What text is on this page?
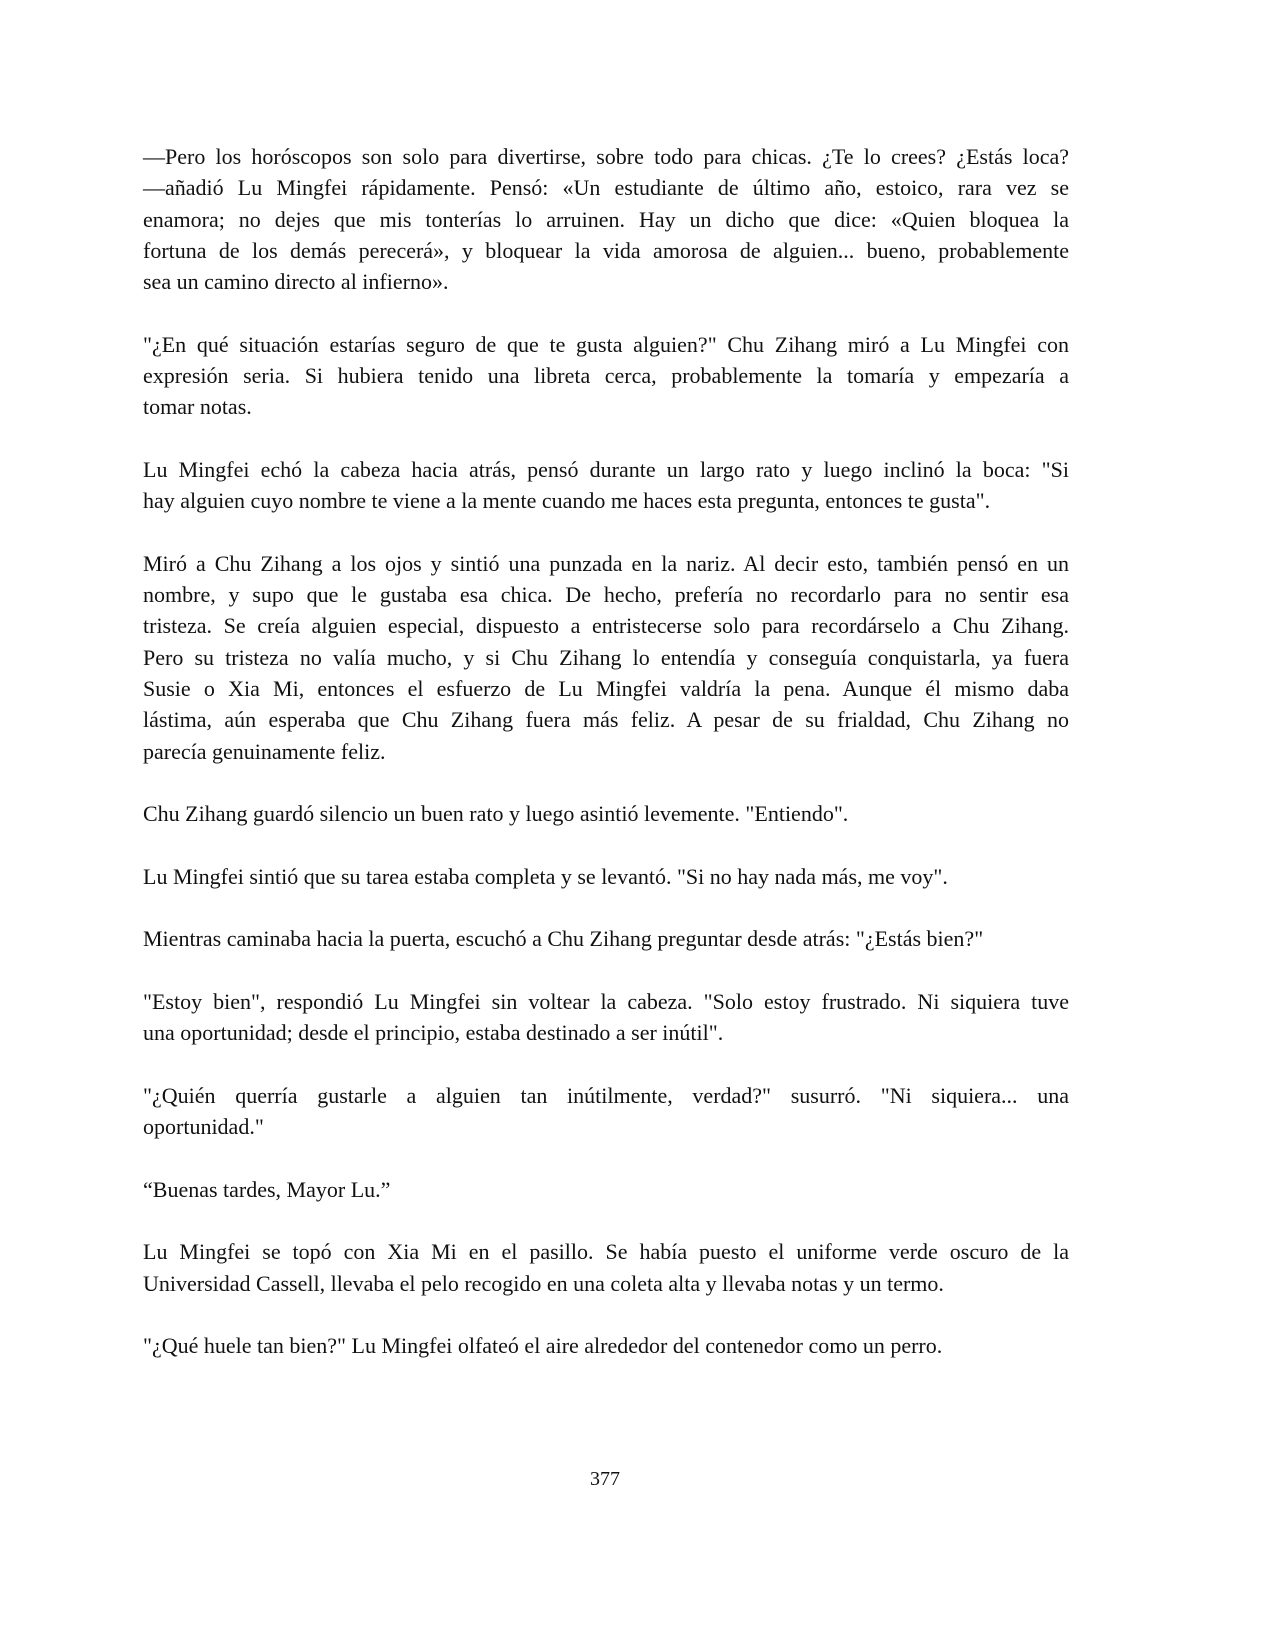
—Pero los horóscopos son solo para divertirse, sobre todo para chicas. ¿Te lo crees? ¿Estás loca?
—añadió Lu Mingfei rápidamente. Pensó: «Un estudiante de último año, estoico, rara vez se
enamora; no dejes que mis tonterías lo arruinen. Hay un dicho que dice: «Quien bloquea la
fortuna de los demás perecerá», y bloquear la vida amorosa de alguien... bueno, probablemente
sea un camino directo al infierno».
"¿En qué situación estarías seguro de que te gusta alguien?" Chu Zihang miró a Lu Mingfei con
expresión seria. Si hubiera tenido una libreta cerca, probablemente la tomaría y empezaría a
tomar notas.
Lu Mingfei echó la cabeza hacia atrás, pensó durante un largo rato y luego inclinó la boca: "Si
hay alguien cuyo nombre te viene a la mente cuando me haces esta pregunta, entonces te gusta".
Miró a Chu Zihang a los ojos y sintió una punzada en la nariz. Al decir esto, también pensó en un
nombre, y supo que le gustaba esa chica. De hecho, prefería no recordarlo para no sentir esa
tristeza. Se creía alguien especial, dispuesto a entristecerse solo para recordárselo a Chu Zihang.
Pero su tristeza no valía mucho, y si Chu Zihang lo entendía y conseguía conquistarla, ya fuera
Susie o Xia Mi, entonces el esfuerzo de Lu Mingfei valdría la pena. Aunque él mismo daba
lástima, aún esperaba que Chu Zihang fuera más feliz. A pesar de su frialdad, Chu Zihang no
parecía genuinamente feliz.
Chu Zihang guardó silencio un buen rato y luego asintió levemente. "Entiendo".
Lu Mingfei sintió que su tarea estaba completa y se levantó. "Si no hay nada más, me voy".
Mientras caminaba hacia la puerta, escuchó a Chu Zihang preguntar desde atrás: "¿Estás bien?"
"Estoy bien", respondió Lu Mingfei sin voltear la cabeza. "Solo estoy frustrado. Ni siquiera tuve
una oportunidad; desde el principio, estaba destinado a ser inútil".
"¿Quién querría gustarle a alguien tan inútilmente, verdad?" susurró. "Ni siquiera... una
oportunidad."
“Buenas tardes, Mayor Lu.”
Lu Mingfei se topó con Xia Mi en el pasillo. Se había puesto el uniforme verde oscuro de la
Universidad Cassell, llevaba el pelo recogido en una coleta alta y llevaba notas y un termo.
"¿Qué huele tan bien?" Lu Mingfei olfateó el aire alrededor del contenedor como un perro.
377
